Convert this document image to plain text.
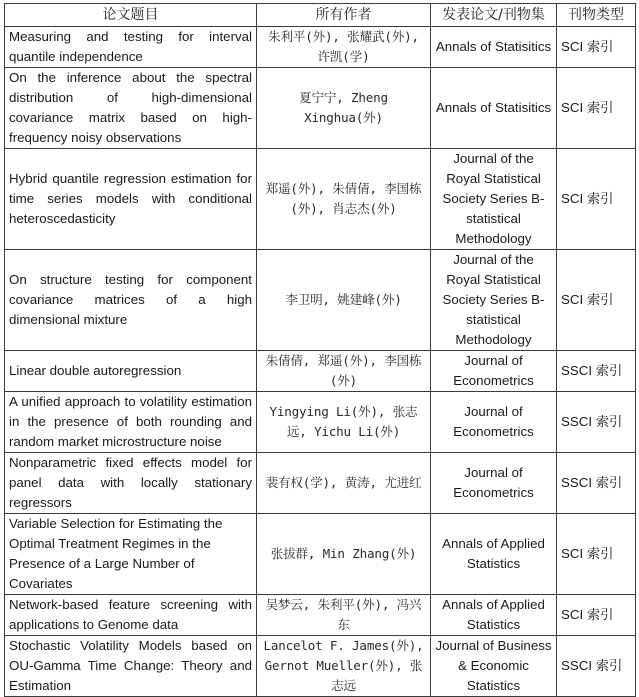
论文题目	所有作者	发表论文/刊物集	刊物类型
Measuring and testing for interval quantile independence	朱利平(外), 张耀武(外), 许凯(学)	Annals of Statisitics	SCI 索引
On the inference about the spectral distribution of high-dimensional covariance matrix based on high-frequency noisy observations	夏宁宁, Zheng Xinghua(外)	Annals of Statisitics	SCI 索引
Hybrid quantile regression estimation for time series models with conditional heteroscedasticity	郑遥(外), 朱倩倩, 李国栋(外), 肖志杰(外)	Journal of the Royal Statistical Society Series B-statistical Methodology	SCI 索引
On structure testing for component covariance matrices of a high dimensional mixture	李卫明, 姚建峰(外)	Journal of the Royal Statistical Society Series B-statistical Methodology	SCI 索引
Linear double autoregression	朱倩倩, 郑遥(外), 李国栋(外)	Journal of Econometrics	SSCI 索引
A unified approach to volatility estimation in the presence of both rounding and random market microstructure noise	Yingying Li(外), 张志远, Yichu Li(外)	Journal of Econometrics	SSCI 索引
Nonparametric fixed effects model for panel data with locally stationary regressors	裴有权(学), 黄涛, 尤进红	Journal of Econometrics	SSCI 索引
Variable Selection for Estimating the Optimal Treatment Regimes in the Presence of a Large Number of Covariates	张拔群, Min Zhang(外)	Annals of Applied Statistics	SCI 索引
Network-based feature screening with applications to Genome data	吴梦云, 朱利平(外), 冯兴东	Annals of Applied Statistics	SCI 索引
Stochastic Volatility Models based on OU-Gamma Time Change: Theory and Estimation	Lancelot F. James(外), Gernot Mueller(外), 张志远	Journal of Business & Economic Statistics	SSCI 索引
